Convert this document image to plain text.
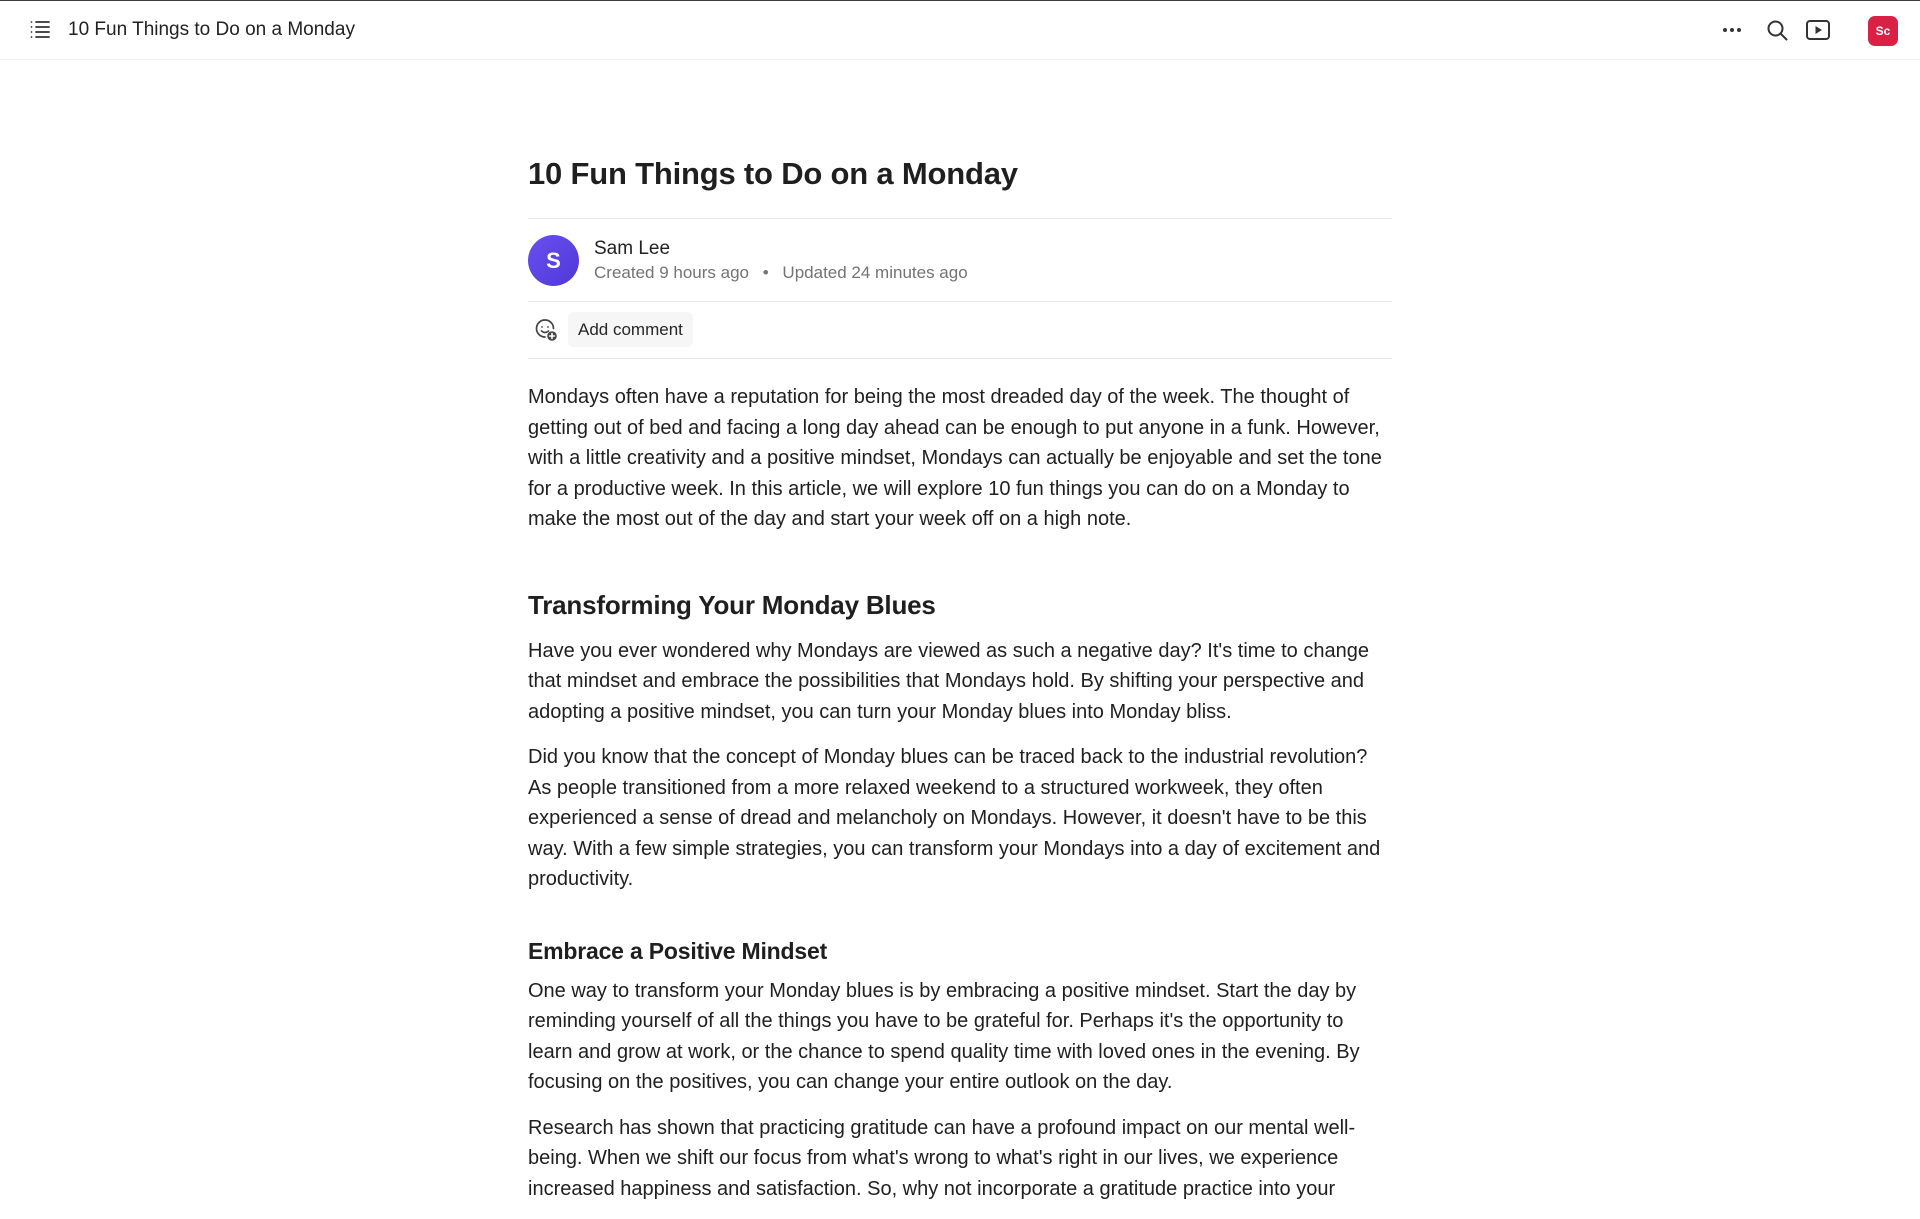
10 Fun Things to Do on a Monday	Sc
10 Fun Things to Do on a Monday
S	Sam Lee
Created 9 hours ago • Updated 24 minutes ago
Add comment

Mondays often have a reputation for being the most dreaded day of the week. The thought of getting out of bed and facing a long day ahead can be enough to put anyone in a funk. However, with a little creativity and a positive mindset, Mondays can actually be enjoyable and set the tone for a productive week. In this article, we will explore 10 fun things you can do on a Monday to make the most out of the day and start your week off on a high note.

Transforming Your Monday Blues

Have you ever wondered why Mondays are viewed as such a negative day? It's time to change that mindset and embrace the possibilities that Mondays hold. By shifting your perspective and adopting a positive mindset, you can turn your Monday blues into Monday bliss.

Did you know that the concept of Monday blues can be traced back to the industrial revolution? As people transitioned from a more relaxed weekend to a structured workweek, they often experienced a sense of dread and melancholy on Mondays. However, it doesn't have to be this way. With a few simple strategies, you can transform your Mondays into a day of excitement and productivity.

Embrace a Positive Mindset

One way to transform your Monday blues is by embracing a positive mindset. Start the day by reminding yourself of all the things you have to be grateful for. Perhaps it's the opportunity to learn and grow at work, or the chance to spend quality time with loved ones in the evening. By focusing on the positives, you can change your entire outlook on the day.

Research has shown that practicing gratitude can have a profound impact on our mental well-being. When we shift our focus from what's wrong to what's right in our lives, we experience increased happiness and satisfaction. So, why not incorporate a gratitude practice into your
